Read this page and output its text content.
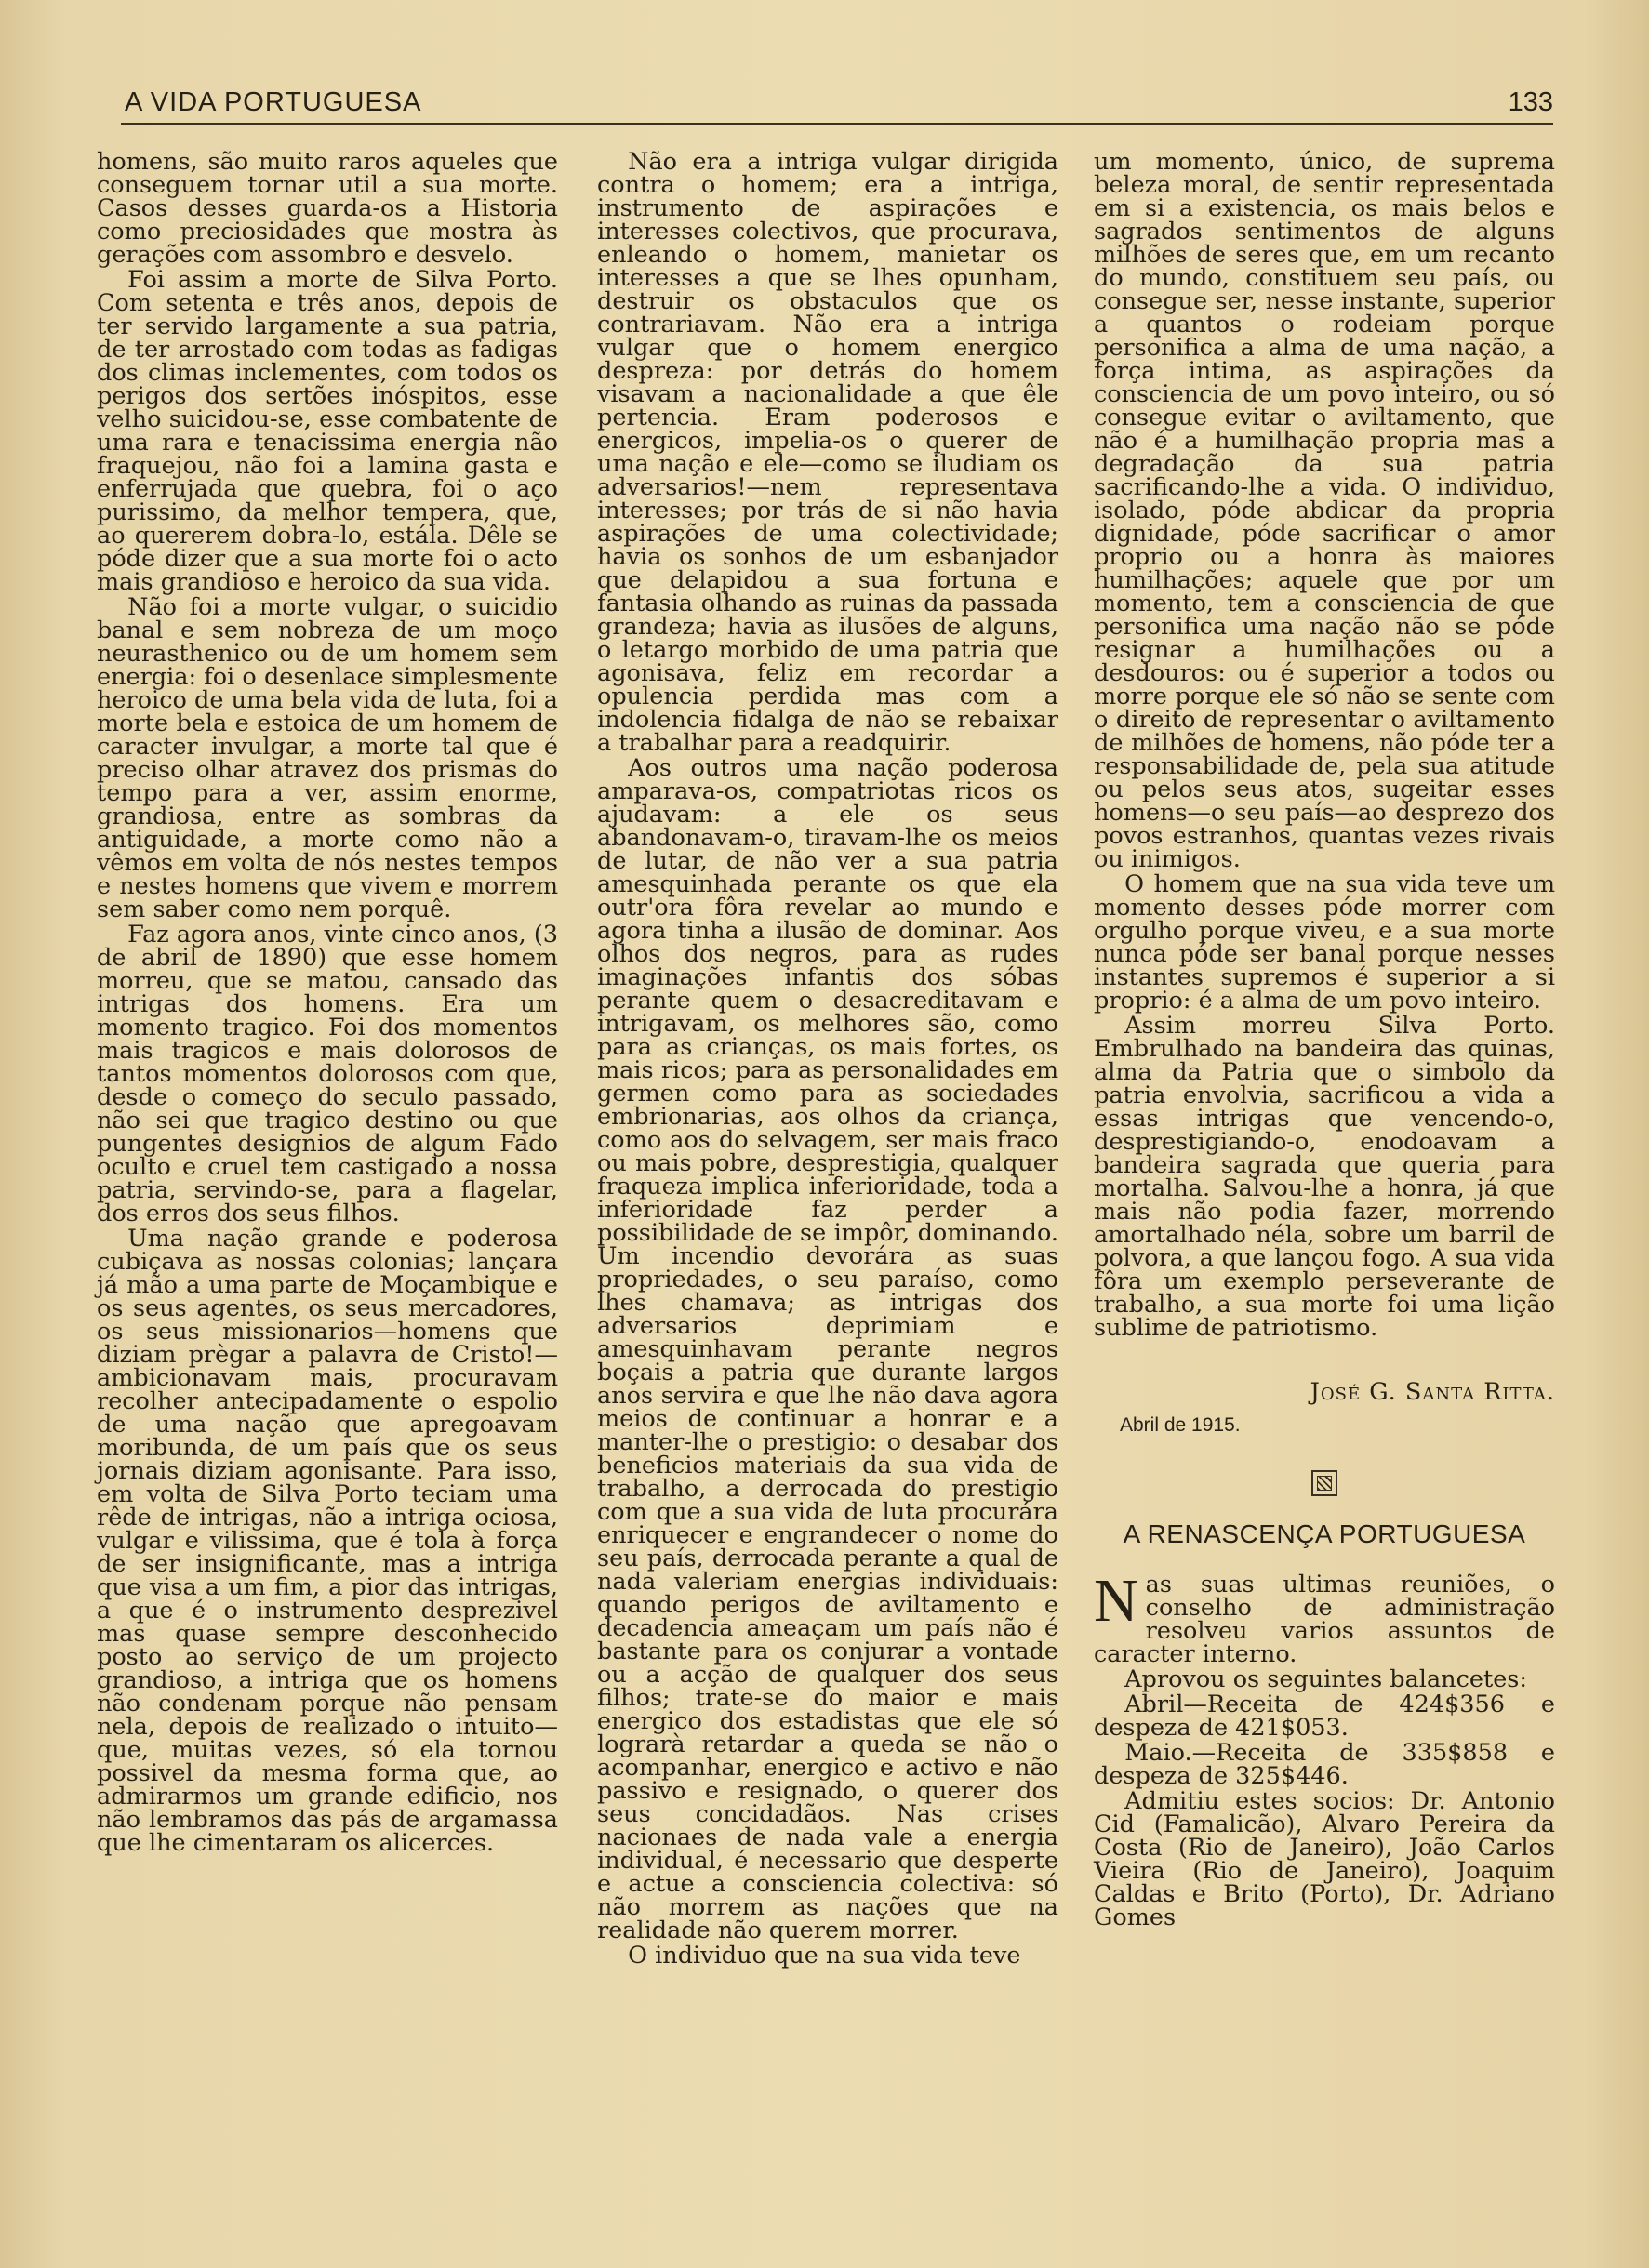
A VIDA PORTUGUESA	133

homens, são muito raros aqueles que conseguem tornar util a sua morte. Casos desses guarda-os a Historia como preciosidades que mostra às gerações com assombro e desvelo.

Foi assim a morte de Silva Porto. Com setenta e três anos, depois de ter servido largamente a sua patria, de ter arrostado com todas as fadigas dos climas inclementes, com todos os perigos dos sertões inóspitos, esse velho suicidou-se, esse combatente de uma rara e tenacissima energia não fraquejou, não foi a lamina gasta e enferrujada que quebra, foi o aço purissimo, da melhor tempera, que, ao quererem dobra-lo, estála. Dêle se póde dizer que a sua morte foi o acto mais grandioso e heroico da sua vida.

Não foi a morte vulgar, o suicidio banal e sem nobreza de um moço neurasthenico ou de um homem sem energia: foi o desenlace simplesmente heroico de uma bela vida de luta, foi a morte bela e estoica de um homem de caracter invulgar, a morte tal que é preciso olhar atravez dos prismas do tempo para a ver, assim enorme, grandiosa, entre as sombras da antiguidade, a morte como não a vêmos em volta de nós nestes tempos e nestes homens que vivem e morrem sem saber como nem porquê.

Faz agora anos, vinte cinco anos, (3 de abril de 1890) que esse homem morreu, que se matou, cansado das intrigas dos homens. Era um momento tragico. Foi dos momentos mais tragicos e mais dolorosos de tantos momentos dolorosos com que, desde o começo do seculo passado, não sei que tragico destino ou que pungentes designios de algum Fado oculto e cruel tem castigado a nossa patria, servindo-se, para a flagelar, dos erros dos seus filhos.

Uma nação grande e poderosa cubiçava as nossas colonias; lançara já mão a uma parte de Moçambique e os seus agentes, os seus mercadores, os seus missionarios—homens que diziam prègar a palavra de Cristo!—ambicionavam mais, procuravam recolher antecipadamente o espolio de uma nação que apregoavam moribunda, de um país que os seus jornais diziam agonisante. Para isso, em volta de Silva Porto teciam uma rêde de intrigas, não a intriga ociosa, vulgar e vilissima, que é tola à força de ser insignificante, mas a intriga que visa a um fim, a pior das intrigas, a que é o instrumento desprezivel mas quase sempre desconhecido posto ao serviço de um projecto grandioso, a intriga que os homens não condenam porque não pensam nela, depois de realizado o intuito—que, muitas vezes, só ela tornou possivel da mesma forma que, ao admirarmos um grande edificio, nos não lembramos das pás de argamassa que lhe cimentaram os alicerces.

Não era a intriga vulgar dirigida contra o homem; era a intriga, instrumento de aspirações e interesses colectivos, que procurava, enleando o homem, manietar os interesses a que se lhes opunham, destruir os obstaculos que os contrariavam. Não era a intriga vulgar que o homem energico despreza: por detrás do homem visavam a nacionalidade a que êle pertencia. Eram poderosos e energicos, impelia-os o querer de uma nação e ele—como se iludiam os adversarios!—nem representava interesses; por trás de si não havia aspirações de uma colectividade; havia os sonhos de um esbanjador que delapidou a sua fortuna e fantasia olhando as ruinas da passada grandeza; havia as ilusões de alguns, o letargo morbido de uma patria que agonisava, feliz em recordar a opulencia perdida mas com a indolencia fidalga de não se rebaixar a trabalhar para a readquirir.

Aos outros uma nação poderosa amparava-os, compatriotas ricos os ajudavam: a ele os seus abandonavam-o, tiravam-lhe os meios de lutar, de não ver a sua patria amesquinhada perante os que ela outr'ora fôra revelar ao mundo e agora tinha a ilusão de dominar. Aos olhos dos negros, para as rudes imaginações infantis dos sóbas perante quem o desacreditavam e intrigavam, os melhores são, como para as crianças, os mais fortes, os mais ricos; para as personalidades em germen como para as sociedades embrionarias, aos olhos da criança, como aos do selvagem, ser mais fraco ou mais pobre, desprestigia, qualquer fraqueza implica inferioridade, toda a inferioridade faz perder a possibilidade de se impôr, dominando. Um incendio devorára as suas propriedades, o seu paraíso, como lhes chamava; as intrigas dos adversarios deprimiam e amesquinhavam perante negros boçais a patria que durante largos anos servira e que lhe não dava agora meios de continuar a honrar e a manter-lhe o prestigio: o desabar dos beneficios materiais da sua vida de trabalho, a derrocada do prestigio com que a sua vida de luta procurára enriquecer e engrandecer o nome do seu país, derrocada perante a qual de nada valeriam energias individuais: quando perigos de aviltamento e decadencia ameaçam um país não é bastante para os conjurar a vontade ou a acção de qualquer dos seus filhos; trate-se do maior e mais energico dos estadistas que ele só lograrà retardar a queda se não o acompanhar, energico e activo e não passivo e resignado, o querer dos seus concidadãos. Nas crises nacionaes de nada vale a energia individual, é necessario que desperte e actue a consciencia colectiva: só não morrem as nações que na realidade não querem morrer.

O individuo que na sua vida teve

um momento, único, de suprema beleza moral, de sentir representada em si a existencia, os mais belos e sagrados sentimentos de alguns milhões de seres que, em um recanto do mundo, constituem seu país, ou consegue ser, nesse instante, superior a quantos o rodeiam porque personifica a alma de uma nação, a força intima, as aspirações da consciencia de um povo inteiro, ou só consegue evitar o aviltamento, que não é a humilhação propria mas a degradação da sua patria sacrificando-lhe a vida. O individuo, isolado, póde abdicar da propria dignidade, póde sacrificar o amor proprio ou a honra às maiores humilhações; aquele que por um momento, tem a consciencia de que personifica uma nação não se póde resignar a humilhações ou a desdouros: ou é superior a todos ou morre porque ele só não se sente com o direito de representar o aviltamento de milhões de homens, não póde ter a responsabilidade de, pela sua atitude ou pelos seus atos, sugeitar esses homens—o seu país—ao desprezo dos povos estranhos, quantas vezes rivais ou inimigos.

O homem que na sua vida teve um momento desses póde morrer com orgulho porque viveu, e a sua morte nunca póde ser banal porque nesses instantes supremos é superior a si proprio: é a alma de um povo inteiro.

Assim morreu Silva Porto. Embrulhado na bandeira das quinas, alma da Patria que o simbolo da patria envolvia, sacrificou a vida a essas intrigas que vencendo-o, desprestigiando-o, enodoavam a bandeira sagrada que queria para mortalha. Salvou-lhe a honra, já que mais não podia fazer, morrendo amortalhado néla, sobre um barril de polvora, a que lançou fogo. A sua vida fôra um exemplo perseverante de trabalho, a sua morte foi uma lição sublime de patriotismo.

José G. Santa Ritta.

Abril de 1915.

A RENASCENÇA PORTUGUESA

Nas suas ultimas reuniões, o conselho de administração resolveu varios assuntos de caracter interno.

Aprovou os seguintes balancetes:

Abril—Receita de 424$356 e despeza de 421$053.

Maio.—Receita de 335$858 e despeza de 325$446.

Admitiu estes socios: Dr. Antonio Cid (Famalicão), Alvaro Pereira da Costa (Rio de Janeiro), João Carlos Vieira (Rio de Janeiro), Joaquim Caldas e Brito (Porto), Dr. Adriano Gomes
